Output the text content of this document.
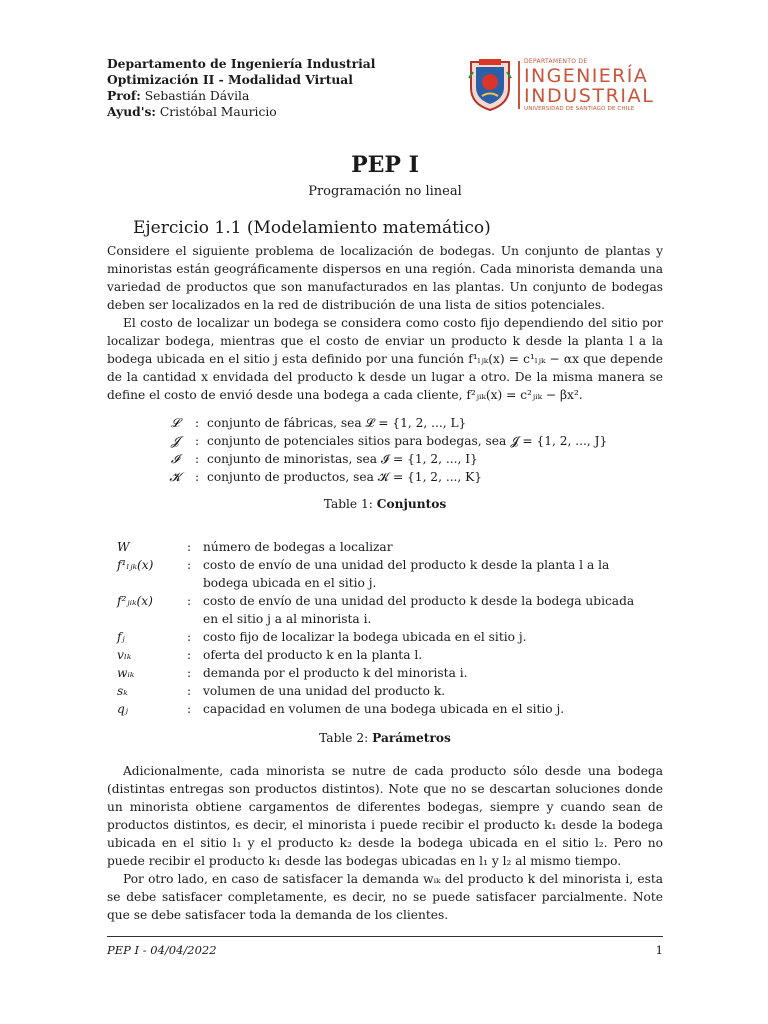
Departamento de Ingeniería Industrial
Optimización II - Modalidad Virtual
Prof: Sebastián Dávila
Ayud's: Cristóbal Mauricio
DEPARTAMENTO DE
INGENIERÍA
INDUSTRIAL
UNIVERSIDAD DE SANTIAGO DE CHILE
PEP I
Programación no lineal
Ejercicio 1.1 (Modelamiento matemático)

Considere el siguiente problema de localización de bodegas. Un conjunto de plantas y minoristas están geográficamente dispersos en una región. Cada minorista demanda una variedad de productos que son manufacturados en las plantas. Un conjunto de bodegas deben ser localizados en la red de distribución de una lista de sitios potenciales.

El costo de localizar un bodega se considera como costo fijo dependiendo del sitio por localizar bodega, mientras que el costo de enviar un producto k desde la planta l a la bodega ubicada en el sitio j esta definido por una función f¹ₗⱼₖ(x) = c¹ₗⱼₖ − αx que depende de la cantidad x envidada del producto k desde un lugar a otro. De la misma manera se define el costo de envió desde una bodega a cada cliente, f²ⱼᵢₖ(x) = c²ⱼᵢₖ − βx².

𝓛	:	conjunto de fábricas, sea 𝓛 = {1, 2, ..., L}
𝓙	:	conjunto de potenciales sitios para bodegas, sea 𝓙 = {1, 2, ..., J}
𝓘	:	conjunto de minoristas, sea 𝓘 = {1, 2, ..., I}
𝓚	:	conjunto de productos, sea 𝓚 = {1, 2, ..., K}
Table 1: Conjuntos
W	:	número de bodegas a localizar
f¹ₗⱼₖ(x)	:	costo de envío de una unidad del producto k desde la planta l a la bodega ubicada en el sitio j.
f²ⱼᵢₖ(x)	:	costo de envío de una unidad del producto k desde la bodega ubicada en el sitio j a al minorista i.
fⱼ	:	costo fijo de localizar la bodega ubicada en el sitio j.
vₗₖ	:	oferta del producto k en la planta l.
wᵢₖ	:	demanda por el producto k del minorista i.
sₖ	:	volumen de una unidad del producto k.
qⱼ	:	capacidad en volumen de una bodega ubicada en el sitio j.
Table 2: Parámetros

Adicionalmente, cada minorista se nutre de cada producto sólo desde una bodega (distintas entregas son productos distintos). Note que no se descartan soluciones donde un minorista obtiene cargamentos de diferentes bodegas, siempre y cuando sean de productos distintos, es decir, el minorista i puede recibir el producto k₁ desde la bodega ubicada en el sitio l₁ y el producto k₂ desde la bodega ubicada en el sitio l₂. Pero no puede recibir el producto k₁ desde las bodegas ubicadas en l₁ y l₂ al mismo tiempo.

Por otro lado, en caso de satisfacer la demanda wᵢₖ del producto k del minorista i, esta se debe satisfacer completamente, es decir, no se puede satisfacer parcialmente. Note que se debe satisfacer toda la demanda de los clientes.

PEP I - 04/04/2022	1
